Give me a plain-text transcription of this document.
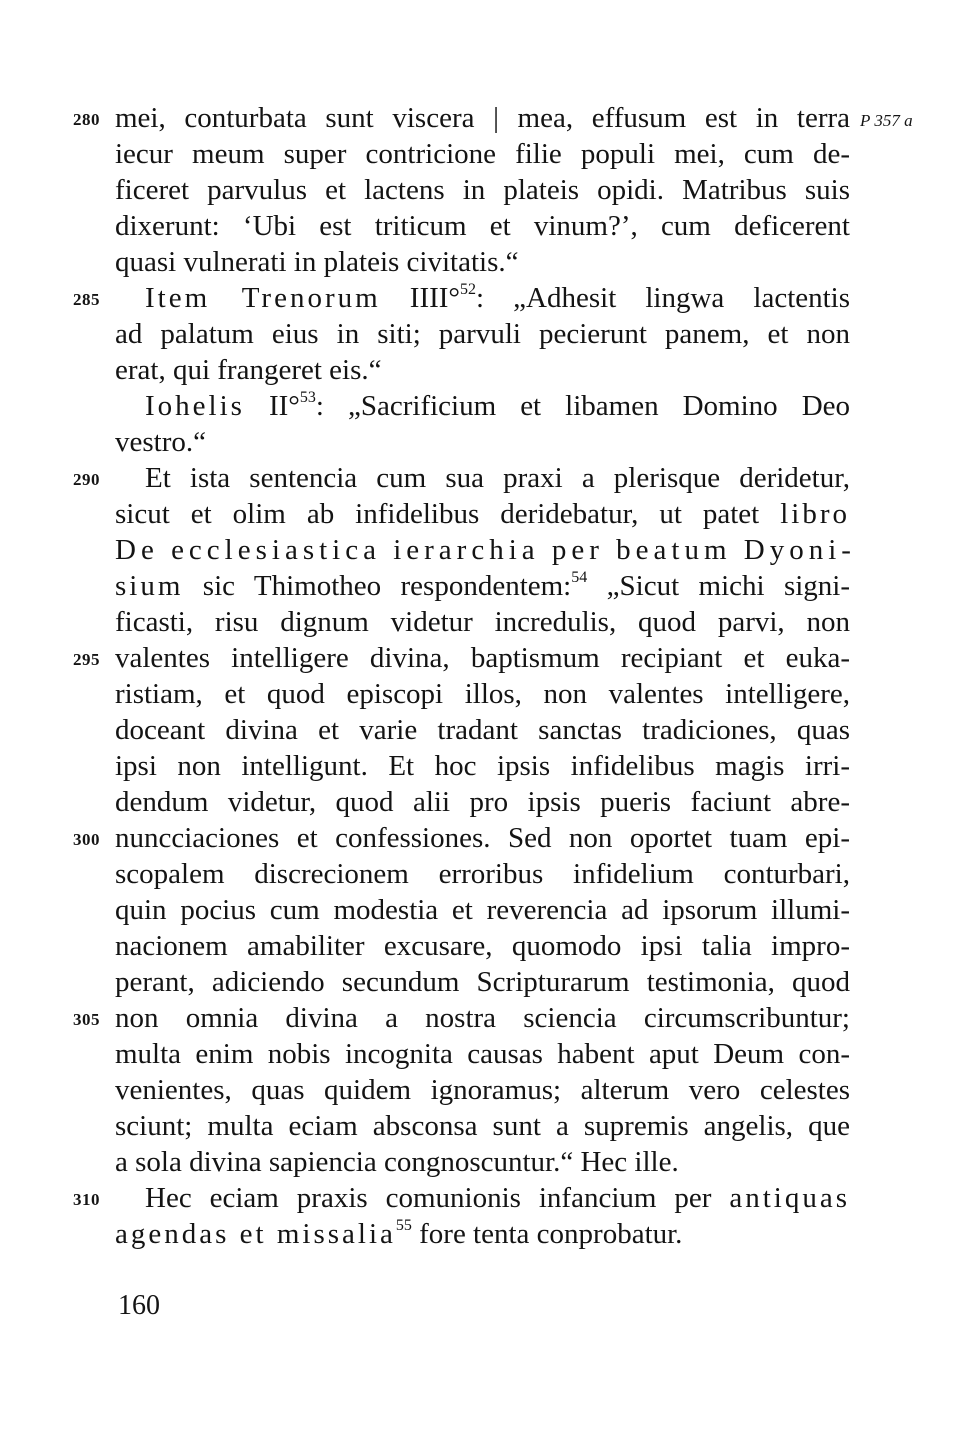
280 mei, conturbata sunt viscera | mea, effusum est in terra P 357 a
iecur meum super contricione filie populi mei, cum de-
ficeret parvulus et lactens in plateis opidi. Matribus suis
dixerunt: ‘Ubi est triticum et vinum?’, cum deficerent
quasi vulnerati in plateis civitatis.“
285	Item Trenorum IIII°$^{52}$: „Adhesit lingwa lactentis
ad palatum eius in siti; parvuli pecierunt panem, et non
erat, qui frangeret eis.“
Iohelis II°$^{53}$: „Sacrificium et libamen Domino Deo
vestro.“
290	Et ista sentencia cum sua praxi a plerisque deridetur,
sicut et olim ab infidelibus deridebatur, ut patet libro
De ecclesiastica ierarchia per beatum Dyoni-
sium sic Thimotheo respondentem:$^{54}$ „Sicut michi signi-
ficasti, risu dignum videtur incredulis, quod parvi, non
295 valentes intelligere divina, baptismum recipiant et euka-
ristiam, et quod episcopi illos, non valentes intelligere,
doceant divina et varie tradant sanctas tradiciones, quas
ipsi non intelligunt. Et hoc ipsis infidelibus magis irri-
dendum videtur, quod alii pro ipsis pueris faciunt abre-
300 nuncciaciones et confessiones. Sed non oportet tuam epi-
scopalem discrecionem erroribus infidelium conturbari,
quin pocius cum modestia et reverencia ad ipsorum illumi-
nacionem amabiliter excusare, quomodo ipsi talia impro-
perant, adiciendo secundum Scripturarum testimonia, quod
305 non omnia divina a nostra sciencia circumscribuntur;
multa enim nobis incognita causas habent aput Deum con-
venientes, quas quidem ignoramus; alterum vero celestes
sciunt; multa eciam absconsa sunt a supremis angelis, que
a sola divina sapiencia congnoscuntur.“ Hec ille.
310	Hec eciam praxis comunionis infancium per antiquas
agendas et missalia$^{55}$ fore tenta conprobatur.
160
